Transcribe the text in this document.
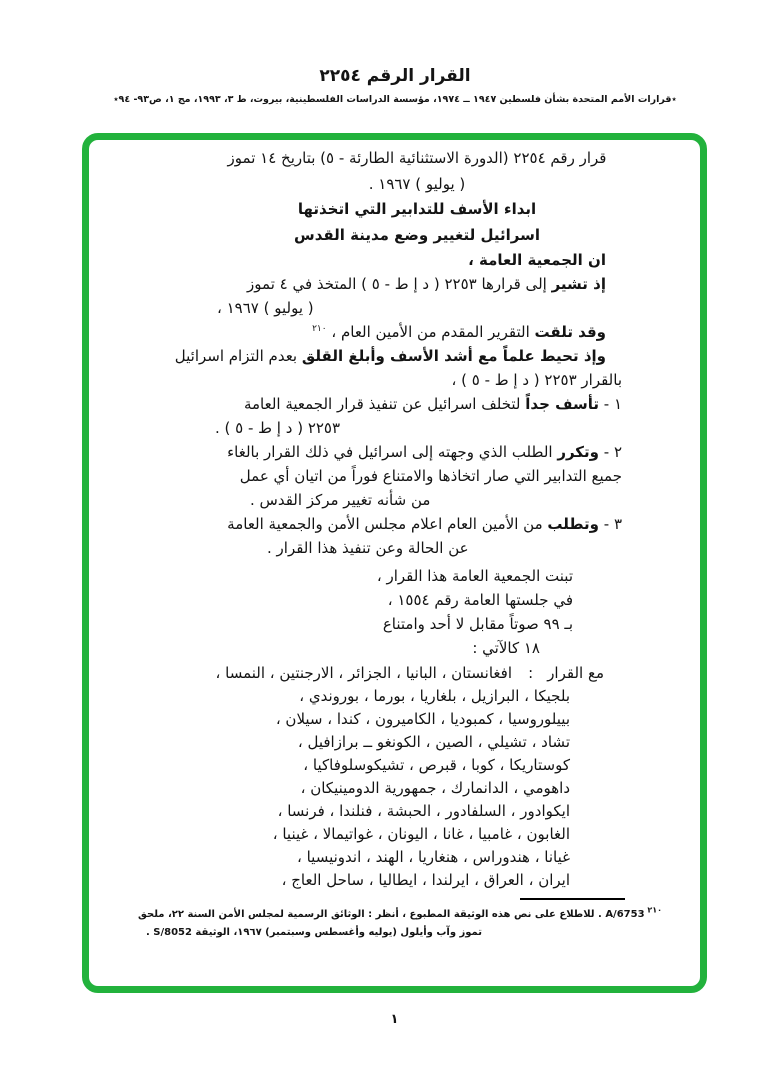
القرار الرقم ٢٢٥٤
٭قرارات الأمم المتحدة بشأن فلسطين ١٩٤٧ ــ ١٩٧٤، مؤسسة الدراسات الفلسطينية، بيروت، ط ٣، ١٩٩٣، مج ١، ص٩٣- ٩٤٭
قرار رقم ٢٢٥٤ (الدورة الاستثنائية الطارئة - ٥) بتاريخ ١٤ تموز
( يوليو ) ١٩٦٧ .
ابداء الأسف للتدابير التي اتخذتها
اسرائيل لتغيير وضع مدينة القدس
ان الجمعية العامة ،
إذ تشير إلى قرارها ٢٢٥٣ ( د إ ط - ٥ ) المتخذ في ٤ تموز
( يوليو ) ١٩٦٧ ،
وقد تلقت التقرير المقدم من الأمين العام ، $^{٢١٠}$
وإذ تحيط علماً مع أشد الأسف وأبلغ القلق بعدم التزام اسرائيل
بالقرار ٢٢٥٣ ( د إ ط - ٥ ) ،
١ - تأسف جداً لتخلف اسرائيل عن تنفيذ قرار الجمعية العامة
٢٢٥٣ ( د إ ط - ٥ ) .
٢ - وتكرر الطلب الذي وجهته إلى اسرائيل في ذلك القرار بالغاء
جميع التدابير التي صار اتخاذها والامتناع فوراً من اتيان أي عمل
من شأنه تغيير مركز القدس .
٣ - وتطلب من الأمين العام اعلام مجلس الأمن والجمعية العامة
عن الحالة وعن تنفيذ هذا القرار .
تبنت الجمعية العامة هذا القرار ،
في جلستها العامة رقم ١٥٥٤ ،
بـ ٩٩ صوتاً مقابل لا أحد وامتناع
١٨ كالآتي :
مع القرار:
افغانستان ، البانيا ، الجزائر ، الارجنتين ، النمسا ،
بلجيكا ، البرازيل ، بلغاريا ، بورما ، بوروندي ،
بييلوروسيا ، كمبوديا ، الكاميرون ، كندا ، سيلان ،
تشاد ، تشيلي ، الصين ، الكونغو ــ برازافيل ،
كوستاريكا ، كوبا ، قبرص ، تشيكوسلوفاكيا ،
داهومي ، الدانمارك ، جمهورية الدومينيكان ،
ايكوادور ، السلفادور ، الحبشة ، فنلندا ، فرنسا ،
الغابون ، غامبيا ، غانا ، اليونان ، غواتيمالا ، غينيا ،
غيانا ، هندوراس ، هنغاريا ، الهند ، اندونيسيا ،
ايران ، العراق ، ايرلندا ، ايطاليا ، ساحل العاج ،
$^{٢١٠}$ A/6753 . للاطلاع على نص هذه الوثيقة المطبوع ، أنظر : الوثائق الرسمية لمجلس الأمن السنة ٢٢، ملحق
تموز وآب وأيلول (يوليه وأغسطس وسبتمبر) ١٩٦٧، الوثيقة S/8052 .
١
